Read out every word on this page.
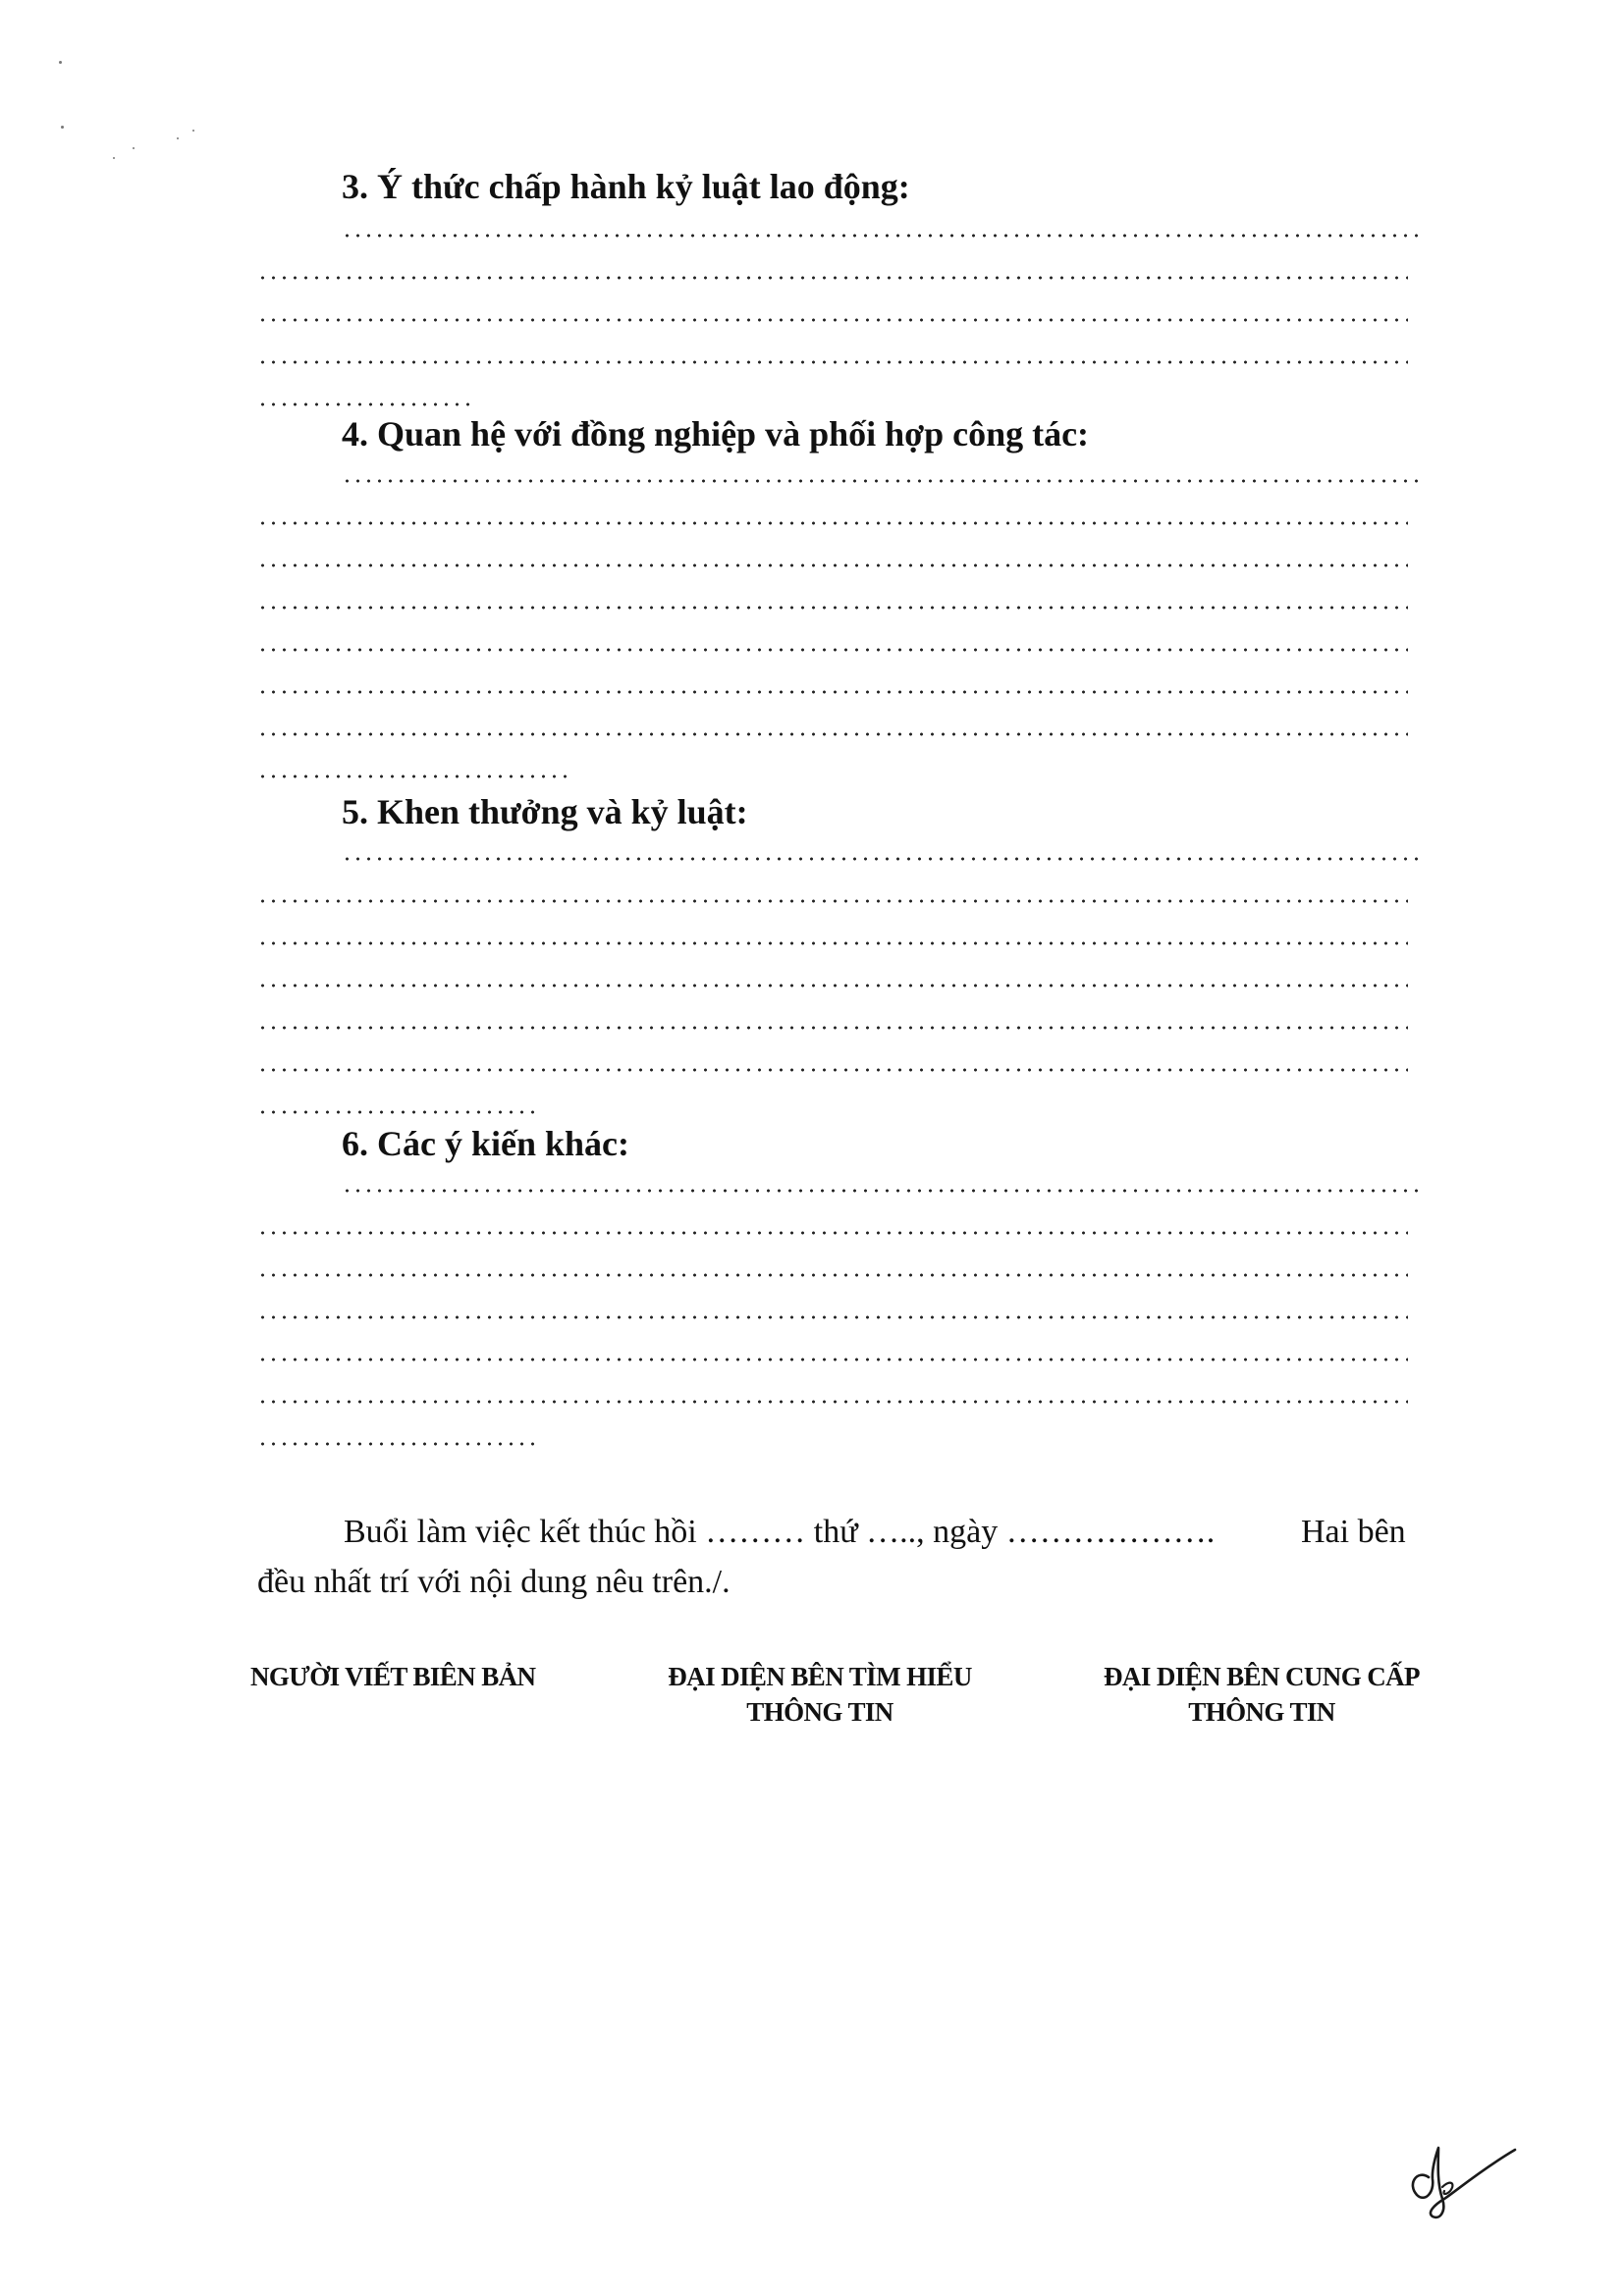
3. Ý thức chấp hành kỷ luật lao động:
4. Quan hệ với đồng nghiệp và phối hợp công tác:
5. Khen thưởng và kỷ luật:
6. Các ý kiến khác:
Buổi làm việc kết thúc hồi ……… thứ ….., ngày ……………….	Hai bên
đều nhất trí với nội dung nêu trên./.
NGƯỜI VIẾT BIÊN BẢN	ĐẠI DIỆN BÊN TÌM HIỂU
THÔNG TIN
ĐẠI DIỆN BÊN CUNG CẤP
THÔNG TIN
